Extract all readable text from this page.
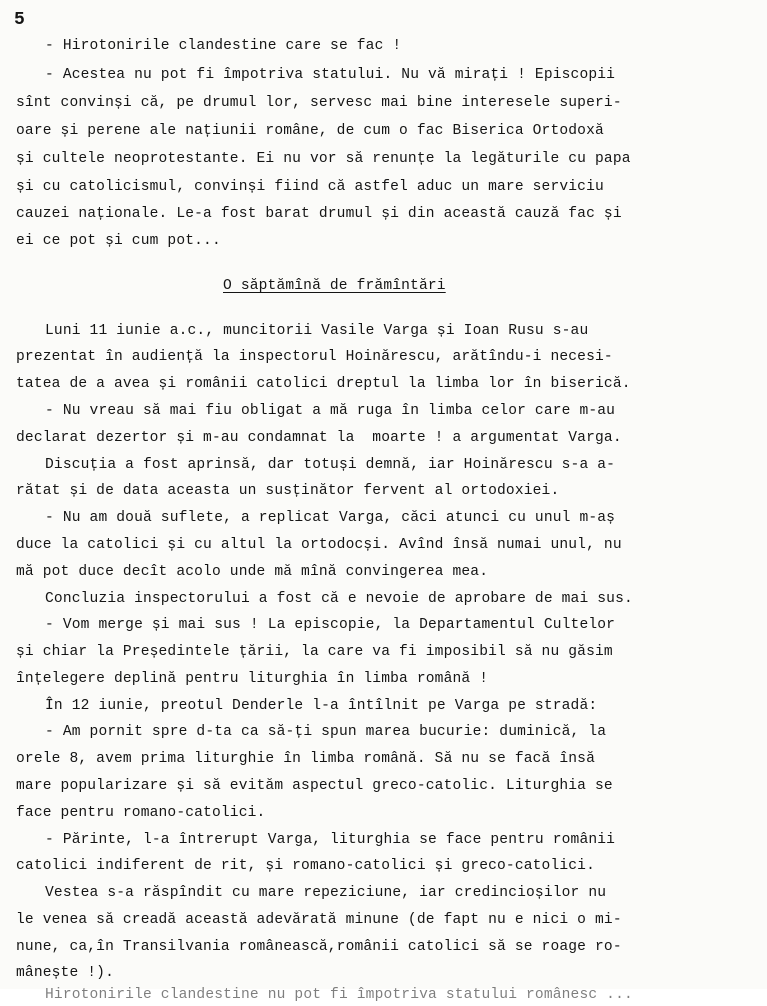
5
- Hirotonirile clandestine care se fac !
- Acestea nu pot fi împotriva statului. Nu vă mirați ! Episcopii
sînt convinși că, pe drumul lor, servesc mai bine interesele superi-
oare și perene ale națiunii române, de cum o fac Biserica Ortodoxă
și cultele neoprotestante. Ei nu vor să renunțe la legăturile cu papa
și cu catolicismul, convinși fiind că astfel aduc un mare serviciu
cauzei naționale. Le-a fost barat drumul și din această cauză fac și
ei ce pot și cum pot...
O săptămînă de frămîntări
Luni 11 iunie a.c., muncitorii Vasile Varga și Ioan Rusu s-au
prezentat în audiență la inspectorul Hoinărescu, arătîndu-i necesi-
tatea de a avea și românii catolici dreptul la limba lor în biserică.
- Nu vreau să mai fiu obligat a mă ruga în limba celor care m-au
declarat dezertor și m-au condamnat la  moarte ! a argumentat Varga.
Discuția a fost aprinsă, dar totuși demnă, iar Hoinărescu s-a a-
rătat și de data aceasta un susținător fervent al ortodoxiei.
- Nu am două suflete, a replicat Varga, căci atunci cu unul m-aș
duce la catolici și cu altul la ortodocși. Avînd însă numai unul, nu
mă pot duce decît acolo unde mă mînă convingerea mea.
Concluzia inspectorului a fost că e nevoie de aprobare de mai sus.
- Vom merge și mai sus ! La episcopie, la Departamentul Cultelor
și chiar la Președintele țării, la care va fi imposibil să nu găsim
înțelegere deplină pentru liturghia în limba română !
În 12 iunie, preotul Denderle l-a întîlnit pe Varga pe stradă:
- Am pornit spre d-ta ca să-ți spun marea bucurie: duminică, la
orele 8, avem prima liturghie în limba română. Să nu se facă însă
mare popularizare și să evităm aspectul greco-catolic. Liturghia se
face pentru romano-catolici.
- Părinte, l-a întrerupt Varga, liturghia se face pentru românii
catolici indiferent de rit, și romano-catolici și greco-catolici.
Vestea s-a răspîndit cu mare repeziciune, iar credincioșilor nu
le venea să creadă această adevărată minune (de fapt nu e nici o mi-
nune, ca,în Transilvania românească,românii catolici să se roage ro-
mânește !).
Hirotonirile clandestine nu pot fi împotriva statului românesc ...
